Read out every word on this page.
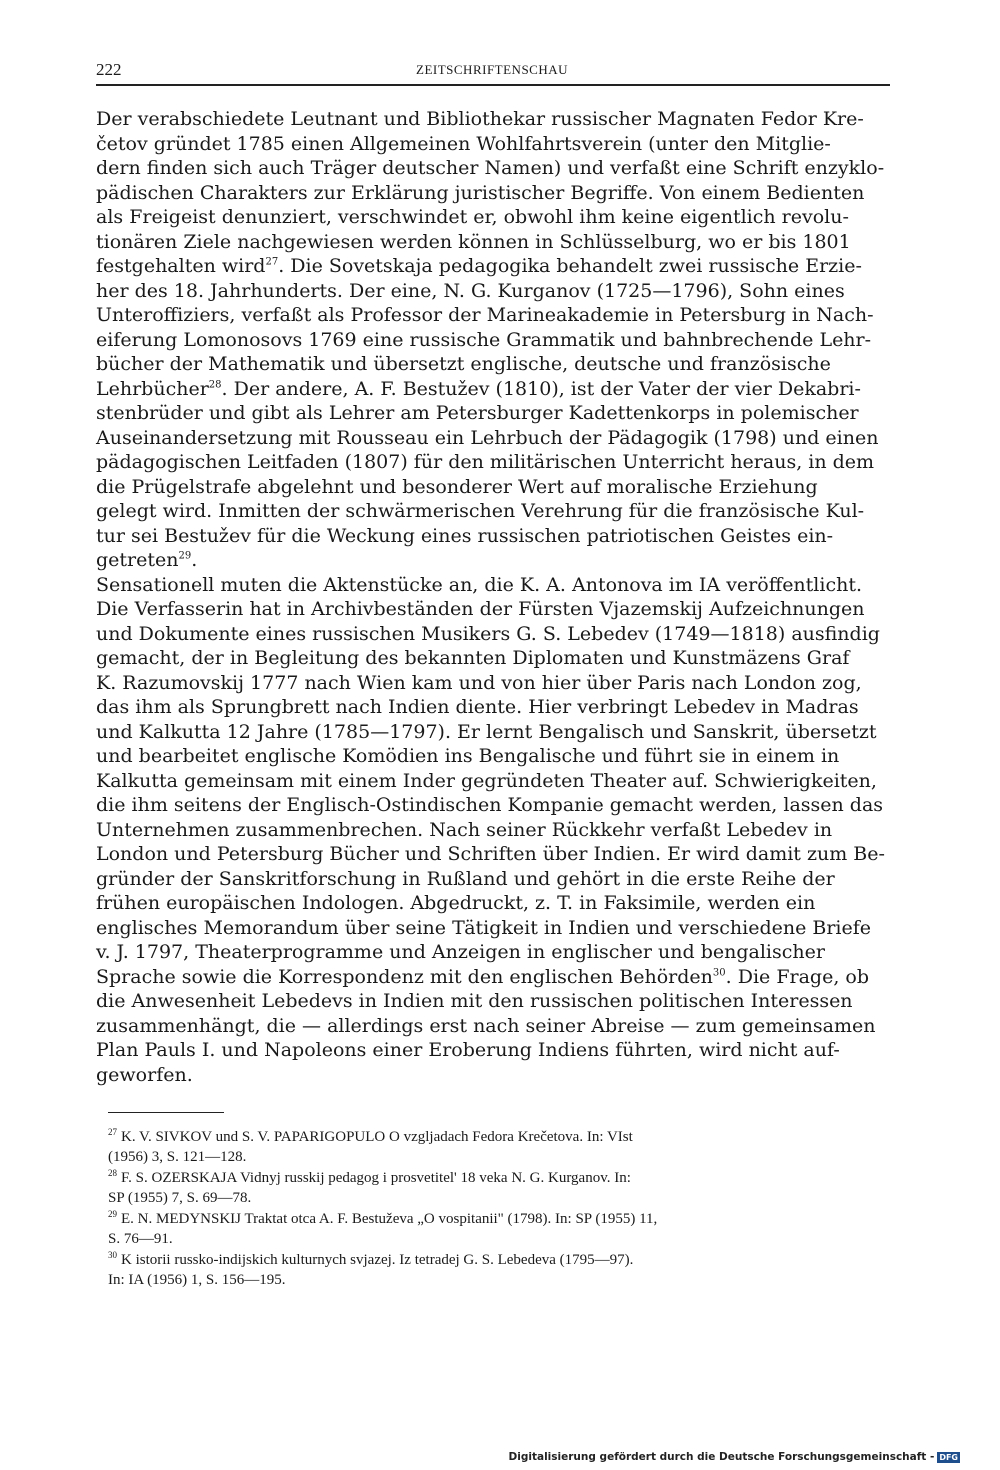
222	ZEITSCHRIFTENSCHAU
Der verabschiedete Leutnant und Bibliothekar russischer Magnaten Fedor Kre-
četov gründet 1785 einen Allgemeinen Wohlfahrtsverein (unter den Mitglie-
dern finden sich auch Träger deutscher Namen) und verfaßt eine Schrift enzyklo-
pädischen Charakters zur Erklärung juristischer Begriffe. Von einem Bedienten
als Freigeist denunziert, verschwindet er, obwohl ihm keine eigentlich revolu-
tionären Ziele nachgewiesen werden können in Schlüsselburg, wo er bis 1801
festgehalten wird$^{27}$. Die Sovetskaja pedagogika behandelt zwei russische Erzie-
her des 18. Jahrhunderts. Der eine, N. G. Kurganov (1725—1796), Sohn eines
Unteroffiziers, verfaßt als Professor der Marineakademie in Petersburg in Nach-
eiferung Lomonosovs 1769 eine russische Grammatik und bahnbrechende Lehr-
bücher der Mathematik und übersetzt englische, deutsche und französische
Lehrbücher$^{28}$. Der andere, A. F. Bestužev (1810), ist der Vater der vier Dekabri-
stenbrüder und gibt als Lehrer am Petersburger Kadettenkorps in polemischer
Auseinandersetzung mit Rousseau ein Lehrbuch der Pädagogik (1798) und einen
pädagogischen Leitfaden (1807) für den militärischen Unterricht heraus, in dem
die Prügelstrafe abgelehnt und besonderer Wert auf moralische Erziehung
gelegt wird. Inmitten der schwärmerischen Verehrung für die französische Kul-
tur sei Bestužev für die Weckung eines russischen patriotischen Geistes ein-
getreten$^{29}$.
Sensationell muten die Aktenstücke an, die K. A. Antonova im IA veröffentlicht.
Die Verfasserin hat in Archivbeständen der Fürsten Vjazemskij Aufzeichnungen
und Dokumente eines russischen Musikers G. S. Lebedev (1749—1818) ausfindig
gemacht, der in Begleitung des bekannten Diplomaten und Kunstmäzens Graf
K. Razumovskij 1777 nach Wien kam und von hier über Paris nach London zog,
das ihm als Sprungbrett nach Indien diente. Hier verbringt Lebedev in Madras
und Kalkutta 12 Jahre (1785—1797). Er lernt Bengalisch und Sanskrit, übersetzt
und bearbeitet englische Komödien ins Bengalische und führt sie in einem in
Kalkutta gemeinsam mit einem Inder gegründeten Theater auf. Schwierigkeiten,
die ihm seitens der Englisch-Ostindischen Kompanie gemacht werden, lassen das
Unternehmen zusammenbrechen. Nach seiner Rückkehr verfaßt Lebedev in
London und Petersburg Bücher und Schriften über Indien. Er wird damit zum Be-
gründer der Sanskritforschung in Rußland und gehört in die erste Reihe der
frühen europäischen Indologen. Abgedruckt, z. T. in Faksimile, werden ein
englisches Memorandum über seine Tätigkeit in Indien und verschiedene Briefe
v. J. 1797, Theaterprogramme und Anzeigen in englischer und bengalischer
Sprache sowie die Korrespondenz mit den englischen Behörden$^{30}$. Die Frage, ob
die Anwesenheit Lebedevs in Indien mit den russischen politischen Interessen
zusammenhängt, die — allerdings erst nach seiner Abreise — zum gemeinsamen
Plan Pauls I. und Napoleons einer Eroberung Indiens führten, wird nicht auf-
geworfen.

$^{27}$ K. V. SIVKOV und S. V. PAPARIGOPULO O vzgljadach Fedora Krečetova. In: VIst
(1956) 3, S. 121—128.

$^{28}$ F. S. OZERSKAJA Vidnyj russkij pedagog i prosvetitel' 18 veka N. G. Kurganov. In:
SP (1955) 7, S. 69—78.

$^{29}$ E. N. MEDYNSKIJ Traktat otca A. F. Bestuževa „O vospitanii" (1798). In: SP (1955) 11,
S. 76—91.

$^{30}$ K istorii russko-indijskich kulturnych svjazej. Iz tetradej G. S. Lebedeva (1795—97).
In: IA (1956) 1, S. 156—195.

Digitalisierung gefördert durch die Deutsche Forschungsgemeinschaft - DFG
